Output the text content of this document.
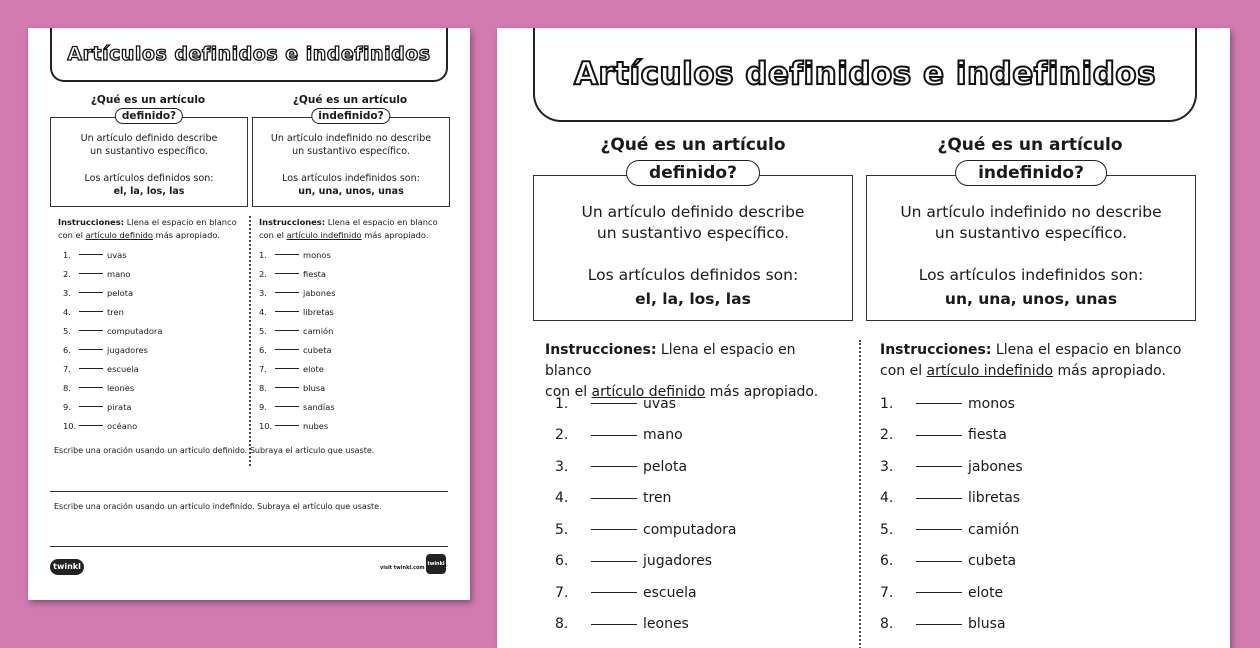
Artículos definidos e indefinidos
¿Qué es un artículo
definido?
Un artículo definido describe
un sustantivo específico.
Los artículos definidos son:
el, la, los, las
¿Qué es un artículo
indefinido?
Un artículo indefinido no describe
un sustantivo específico.
Los artículos indefinidos son:
un, una, unos, unas
Instrucciones: Llena el espacio en blanco
con el artículo definido más apropiado.
Instrucciones: Llena el espacio en blanco
con el artículo indefinido más apropiado.
1.	uvas
2.	mano
3.	pelota
4.	tren
5.	computadora
6.	jugadores
7.	escuela
8.	leones
9.	pirata
10.	océano
1.	monos
2.	fiesta
3.	jabones
4.	libretas
5.	camión
6.	cubeta
7.	elote
8.	blusa
9.	sandías
10.	nubes
Escribe una oración usando un artículo definido. Subraya el artículo que usaste.
Escribe una oración usando un artículo indefinido. Subraya el artículo que usaste.
twinkl	visit twinkl.com
twinkl
Artículos definidos e indefinidos
¿Qué es un artículo
definido?
Un artículo definido describe
un sustantivo específico.
Los artículos definidos son:
el, la, los, las
¿Qué es un artículo
indefinido?
Un artículo indefinido no describe
un sustantivo específico.
Los artículos indefinidos son:
un, una, unos, unas
Instrucciones: Llena el espacio en blanco
con el artículo definido más apropiado.
Instrucciones: Llena el espacio en blanco
con el artículo indefinido más apropiado.
1.	uvas
2.	mano
3.	pelota
4.	tren
5.	computadora
6.	jugadores
7.	escuela
8.	leones
1.	monos
2.	fiesta
3.	jabones
4.	libretas
5.	camión
6.	cubeta
7.	elote
8.	blusa
